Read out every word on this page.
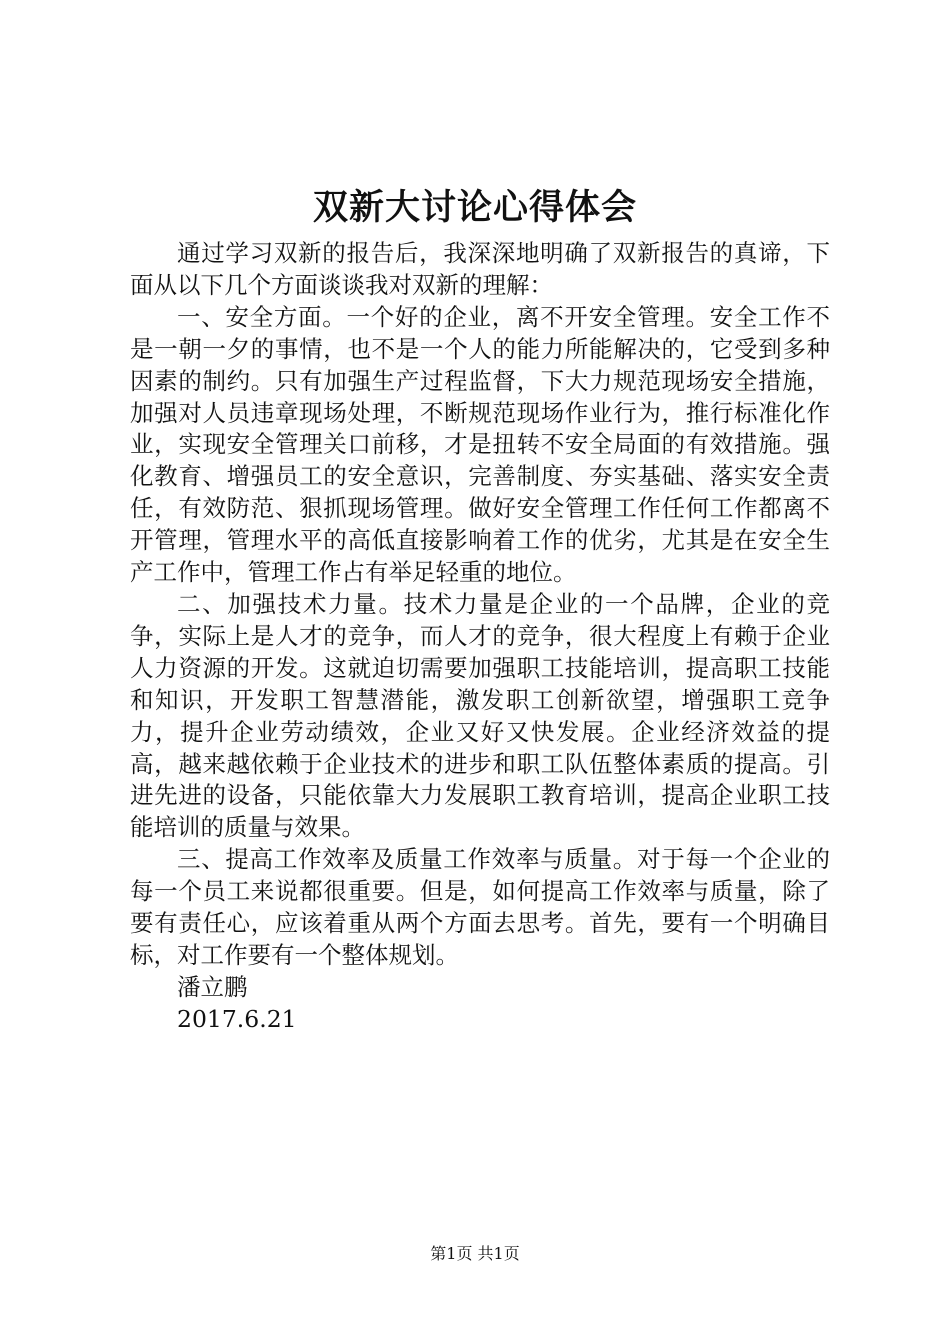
双新大讨论心得体会

通过学习双新的报告后，我深深地明确了双新报告的真谛，下面从以下几个方面谈谈我对双新的理解：

一、安全方面。一个好的企业，离不开安全管理。安全工作不是一朝一夕的事情，也不是一个人的能力所能解决的，它受到多种因素的制约。只有加强生产过程监督，下大力规范现场安全措施，加强对人员违章现场处理，不断规范现场作业行为，推行标准化作业，实现安全管理关口前移，才是扭转不安全局面的有效措施。强化教育、增强员工的安全意识，完善制度、夯实基础、落实安全责任，有效防范、狠抓现场管理。做好安全管理工作任何工作都离不开管理，管理水平的高低直接影响着工作的优劣，尤其是在安全生产工作中，管理工作占有举足轻重的地位。

二、加强技术力量。技术力量是企业的一个品牌，企业的竞争，实际上是人才的竞争，而人才的竞争，很大程度上有赖于企业人力资源的开发。这就迫切需要加强职工技能培训，提高职工技能和知识，开发职工智慧潜能，激发职工创新欲望，增强职工竞争力，提升企业劳动绩效，企业又好又快发展。企业经济效益的提高，越来越依赖于企业技术的进步和职工队伍整体素质的提高。引进先进的设备，只能依靠大力发展职工教育培训，提高企业职工技能培训的质量与效果。

三、提高工作效率及质量工作效率与质量。对于每一个企业的每一个员工来说都很重要。但是，如何提高工作效率与质量，除了要有责任心，应该着重从两个方面去思考。首先，要有一个明确目标，对工作要有一个整体规划。

潘立鹏

2017.6.21

第1页 共1页
